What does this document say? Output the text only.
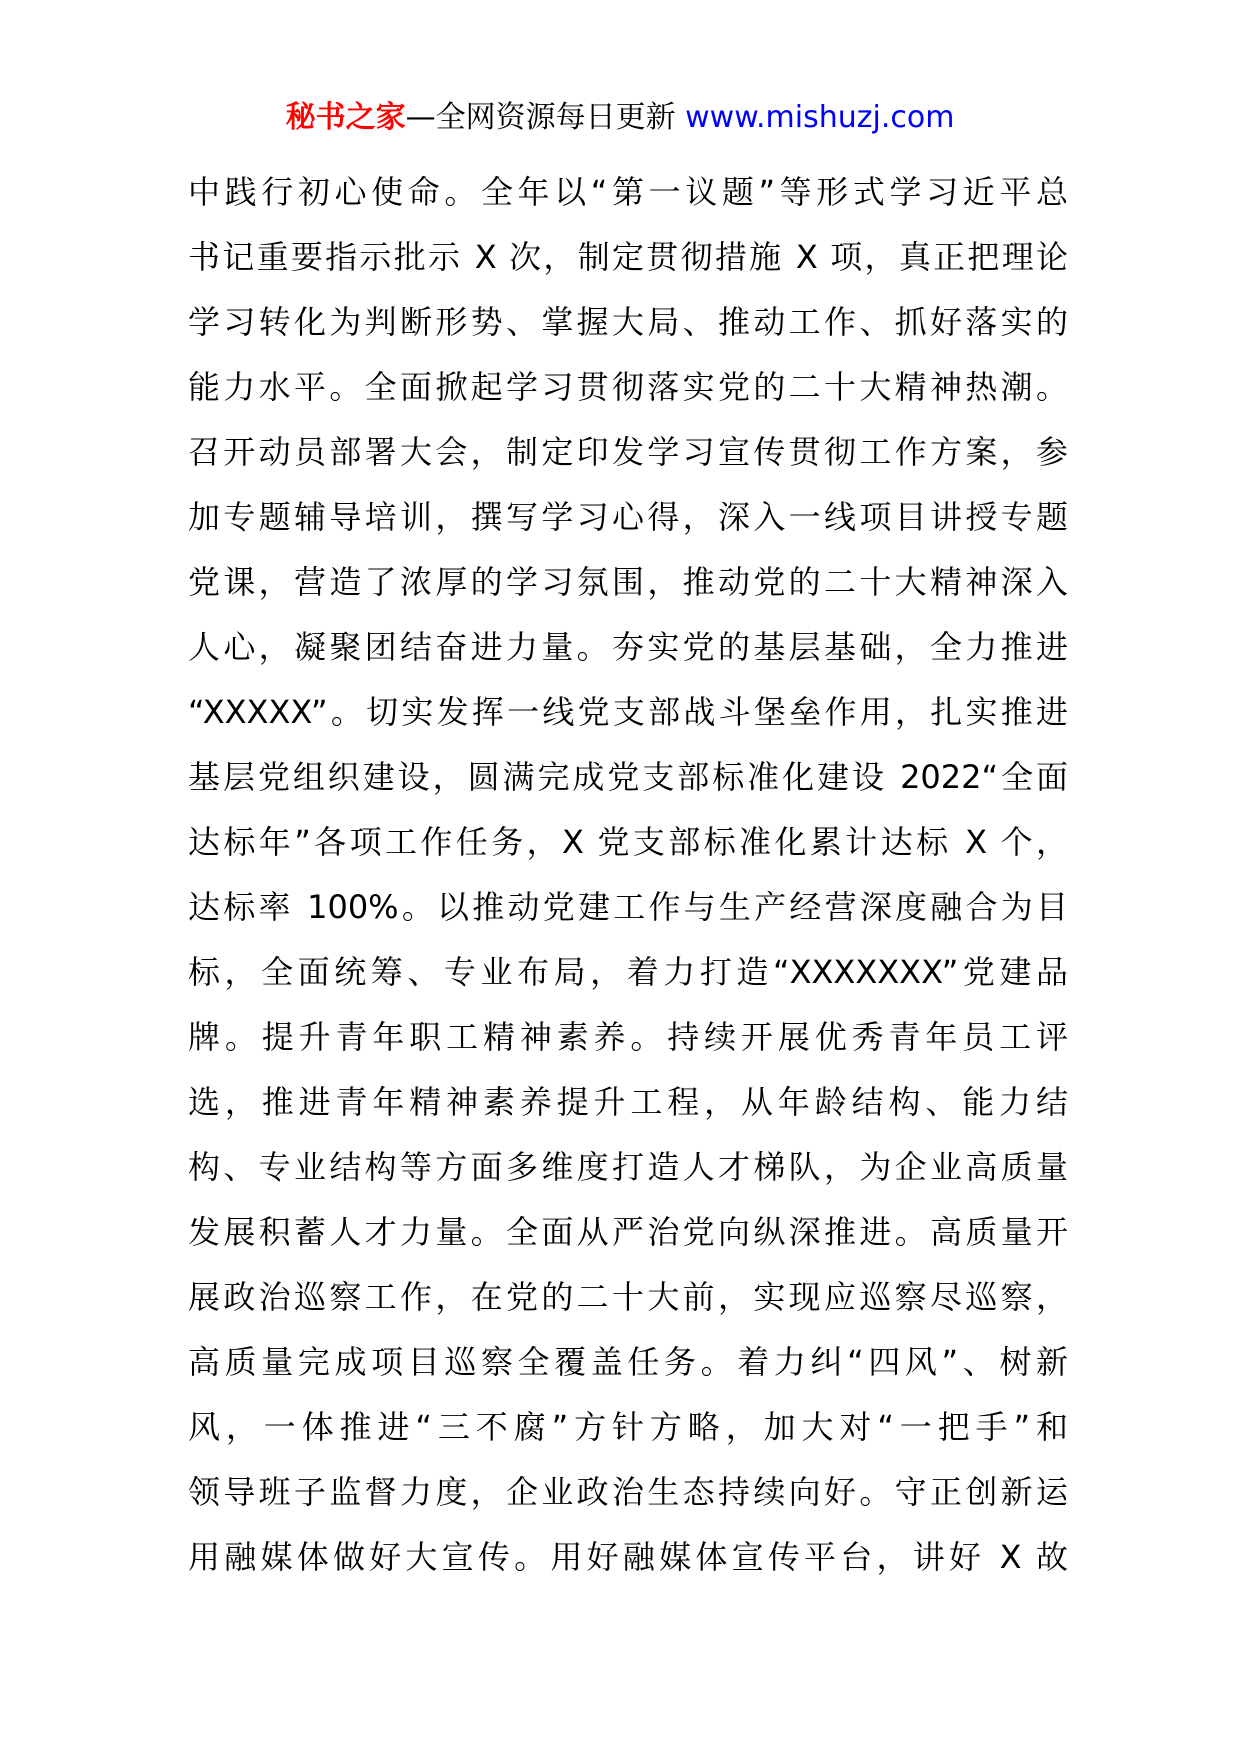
秘书之家—全网资源每日更新 www.mishuzj.com
中践行初心使命。全年以“第一议题”等形式学习近平总
书记重要指示批示 X 次，制定贯彻措施 X 项，真正把理论
学习转化为判断形势、掌握大局、推动工作、抓好落实的
能力水平。全面掀起学习贯彻落实党的二十大精神热潮。
召开动员部署大会，制定印发学习宣传贯彻工作方案，参
加专题辅导培训，撰写学习心得，深入一线项目讲授专题
党课，营造了浓厚的学习氛围，推动党的二十大精神深入
人心，凝聚团结奋进力量。夯实党的基层基础，全力推进
“XXXXX”。切实发挥一线党支部战斗堡垒作用，扎实推进
基层党组织建设，圆满完成党支部标准化建设 2022“全面
达标年”各项工作任务，X 党支部标准化累计达标 X 个，
达标率 100%。以推动党建工作与生产经营深度融合为目
标，全面统筹、专业布局，着力打造“XXXXXXX”党建品
牌。提升青年职工精神素养。持续开展优秀青年员工评
选，推进青年精神素养提升工程，从年龄结构、能力结
构、专业结构等方面多维度打造人才梯队，为企业高质量
发展积蓄人才力量。全面从严治党向纵深推进。高质量开
展政治巡察工作，在党的二十大前，实现应巡察尽巡察，
高质量完成项目巡察全覆盖任务。着力纠“四风”、树新
风，一体推进“三不腐”方针方略，加大对“一把手”和
领导班子监督力度，企业政治生态持续向好。守正创新运
用融媒体做好大宣传。用好融媒体宣传平台，讲好 X 故
